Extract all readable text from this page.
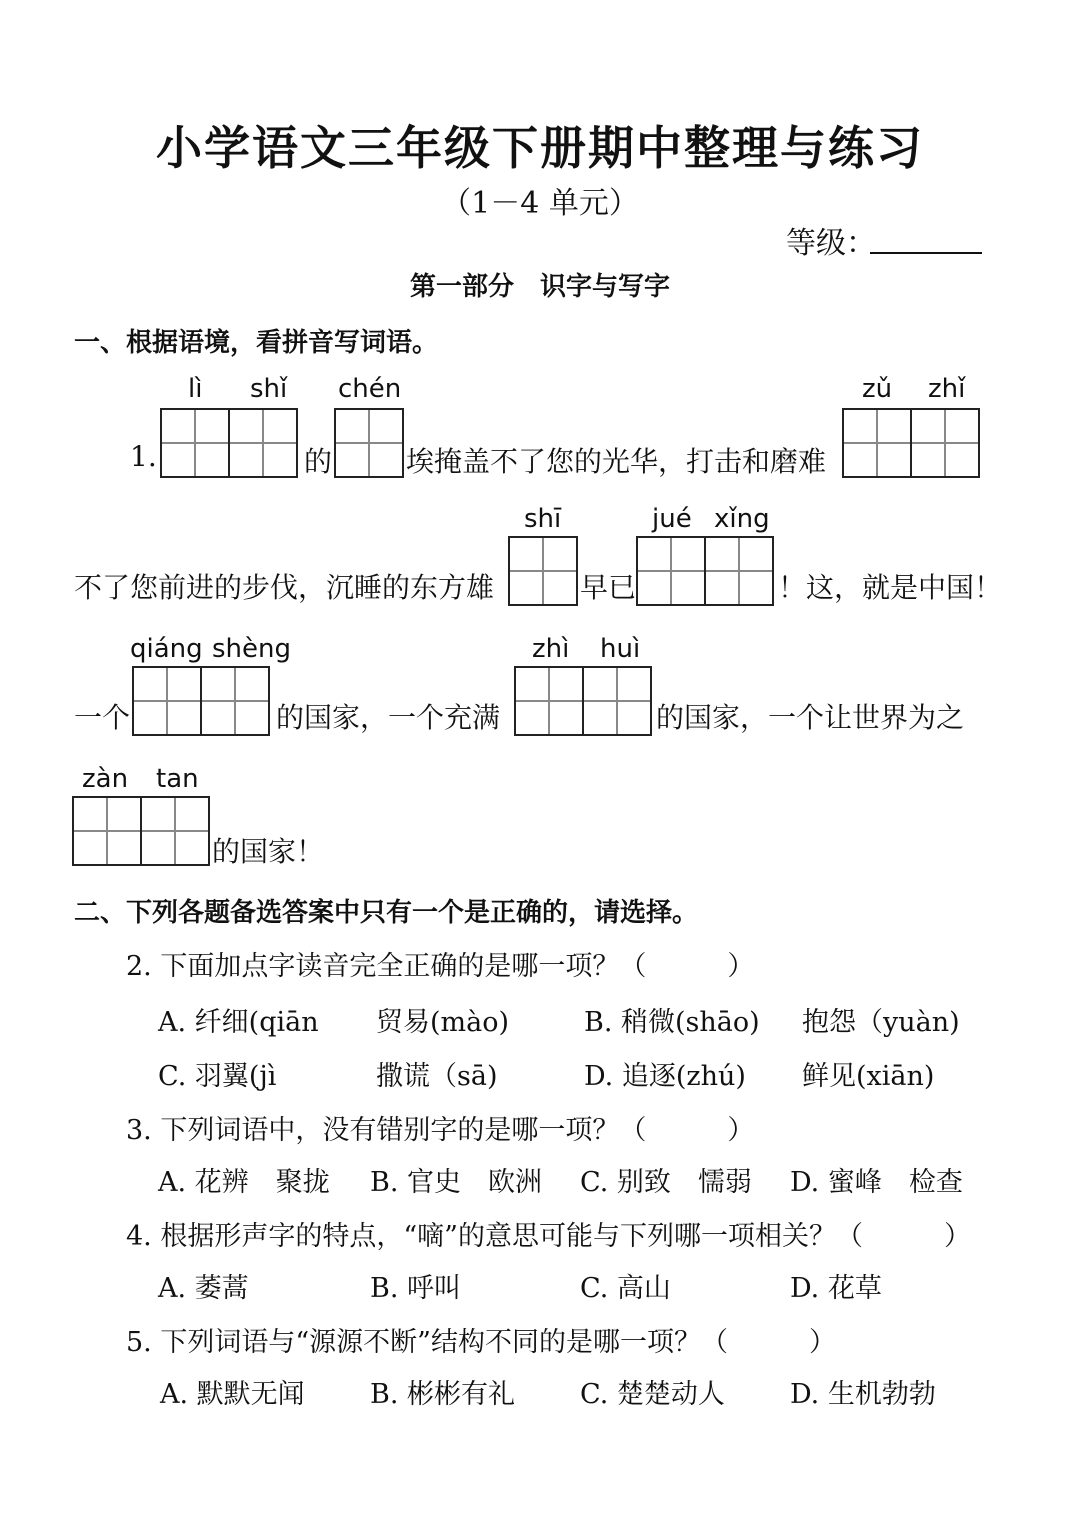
小学语文三年级下册期中整理与练习
（1－4 单元）
等级：
第一部分　识字与写字
一、根据语境，看拼音写词语。
lì shǐ chén	zǔ zhǐ
1.	的	埃掩盖不了您的光华，打击和磨难
shī	jué xǐng
不了您前进的步伐，沉睡的东方雄	早已	！这，就是中国！
qiáng shèng	zhì huì
一个	的国家，一个充满	的国家，一个让世界为之
zàn tan
的国家！
二、下列各题备选答案中只有一个是正确的，请选择。
2. 下面加点字读音完全正确的是哪一项？（　　　）
A. 纤细(qiān 贸易(mào)	B. 稍微(shāo) 抱怨（yuàn)
C. 羽翼(jì	撒谎（sā)	D. 追逐(zhú) 鲜见(xiān)
3. 下列词语中，没有错别字的是哪一项？（　　　）
A. 花辨　聚拢 B. 官史　欧洲 C. 别致　懦弱 D. 蜜峰　检查
4. 根据形声字的特点，“嘀”的意思可能与下列哪一项相关？（　　　）
A. 萎蒿	B. 呼叫	C. 高山	D. 花草
5. 下列词语与“源源不断”结构不同的是哪一项？（　　　）
A. 默默无闻 B. 彬彬有礼 C. 楚楚动人 D. 生机勃勃
